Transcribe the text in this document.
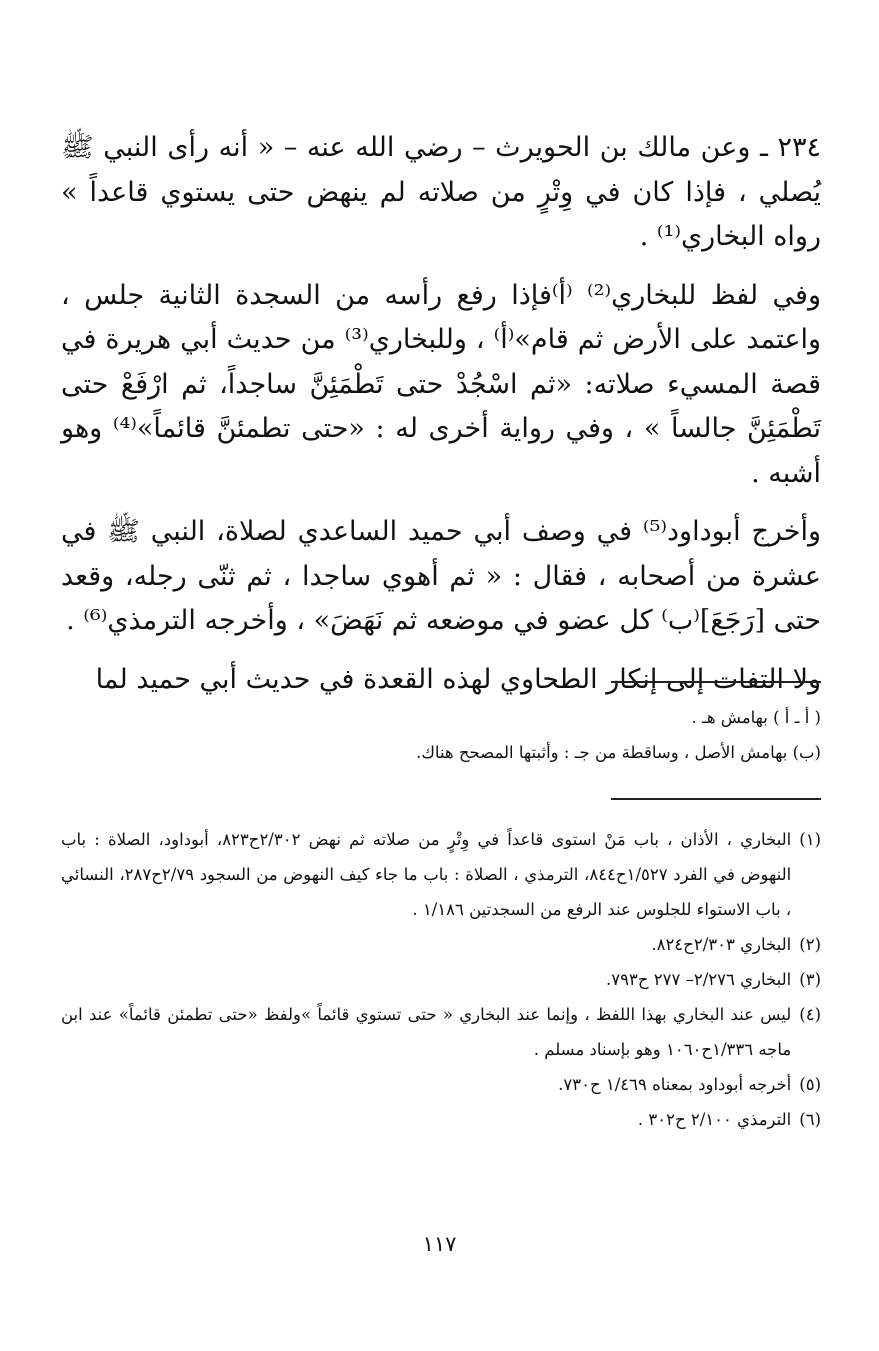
٢٣٤ ـ وعن مالك بن الحويرث – رضي الله عنه – « أنه رأى النبي ﷺ يُصلي ، فإذا كان في وِتْرٍ من صلاته لم ينهض حتى يستوي قاعداً » رواه البخاري⁽¹⁾ .

وفي لفظ للبخاري⁽²⁾ ⁽أ⁾فإذا رفع رأسه من السجدة الثانية جلس ، واعتمد على الأرض ثم قام»⁽أ⁾ ، وللبخاري⁽³⁾ من حديث أبي هريرة في قصة المسيء صلاته: «ثم اسْجُدْ حتى تَطْمَئِنَّ ساجداً، ثم ارْفَعْ حتى تَطْمَئِنَّ جالساً » ، وفي رواية أخرى له : «حتى تطمئنَّ قائماً»⁽⁴⁾ وهو أشبه .

وأخرج أبوداود⁽⁵⁾ في وصف أبي حميد الساعدي لصلاة، النبي ﷺ في عشرة من أصحابه ، فقال : « ثم أهوي ساجدا ، ثم ثنّى رجله، وقعد حتى [رَجَعَ]⁽ب⁾ كل عضو في موضعه ثم نَهَضَ» ، وأخرجه الترمذي⁽⁶⁾ .

ولا التفات إلى إنكار الطحاوي لهذه القعدة في حديث أبي حميد لما

( أ ـ أ ) بهامش هـ .

(ب) بهامش الأصل ، وساقطة من جـ : وأثبتها المصحح هناك.

(١)
البخاري ، الأذان ، باب مَنْ استوى قاعداً في وِتْرٍ من صلاته ثم نهض ٢/٣٠٢ح٨٢٣، أبوداود، الصلاة : باب النهوض في الفرد ١/٥٢٧ح٨٤٤، الترمذي ، الصلاة : باب ما جاء كيف النهوض من السجود ٢/٧٩ح٢٨٧، النسائي ، باب الاستواء للجلوس عند الرفع من السجدتين ١/١٨٦ .
(٢)
البخاري ٢/٣٠٣ح٨٢٤.
(٣)
البخاري ٢/٢٧٦– ٢٧٧ ح٧٩٣.
(٤)
ليس عند البخاري بهذا اللفظ ، وإنما عند البخاري « حتى تستوي قائماً »ولفظ «حتى تطمئن قائماً» عند ابن ماجه ١/٣٣٦ح١٠٦٠ وهو بإسناد مسلم .
(٥)
أخرجه أبوداود بمعناه ١/٤٦٩ ح٧٣٠.
(٦)
الترمذي ٢/١٠٠ ح٣٠٢ .
١١٧
